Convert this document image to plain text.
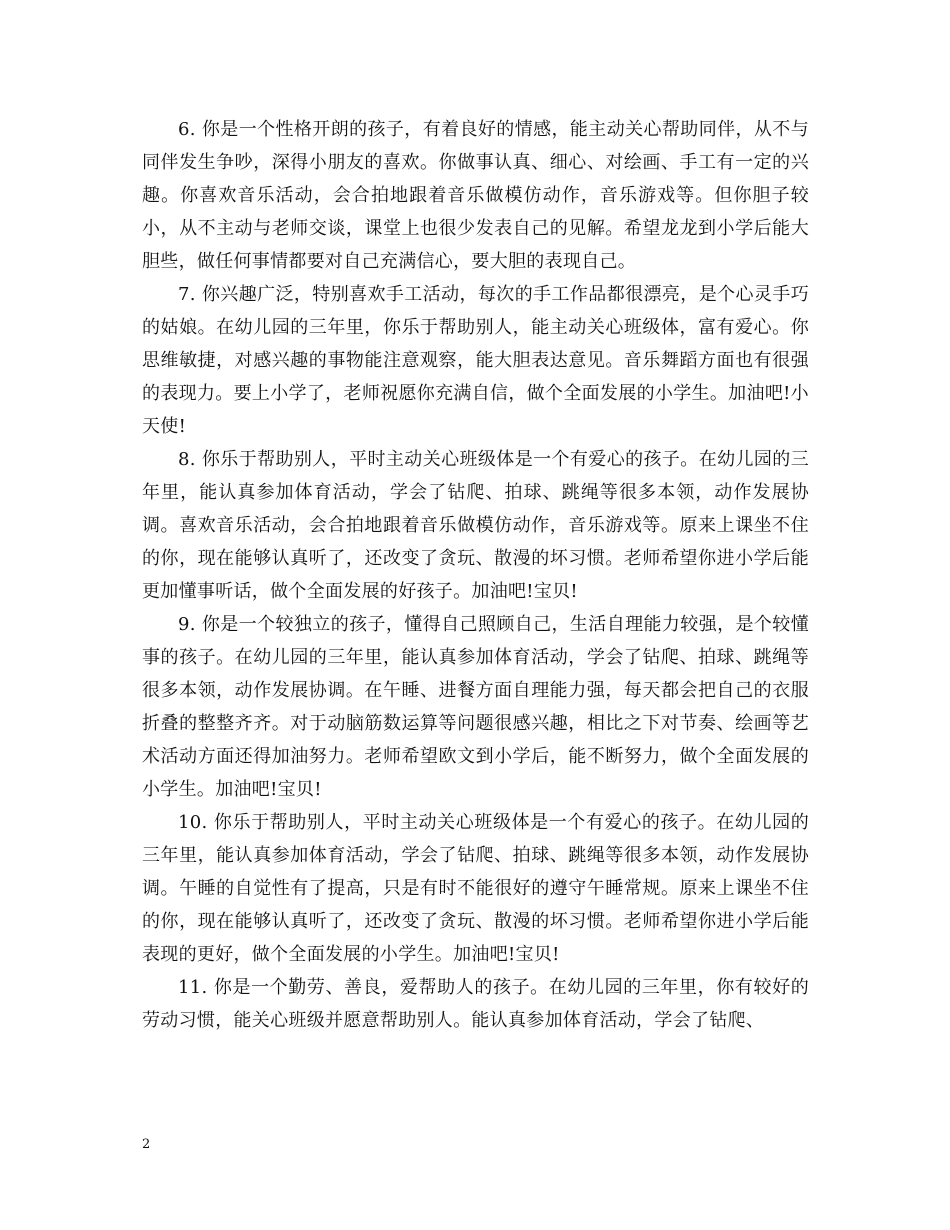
6. 你是一个性格开朗的孩子，有着良好的情感，能主动关心帮助同伴，从不与同伴发生争吵，深得小朋友的喜欢。你做事认真、细心、对绘画、手工有一定的兴趣。你喜欢音乐活动，会合拍地跟着音乐做模仿动作，音乐游戏等。但你胆子较小，从不主动与老师交谈，课堂上也很少发表自己的见解。希望龙龙到小学后能大胆些，做任何事情都要对自己充满信心，要大胆的表现自己。

7. 你兴趣广泛，特别喜欢手工活动，每次的手工作品都很漂亮，是个心灵手巧的姑娘。在幼儿园的三年里，你乐于帮助别人，能主动关心班级体，富有爱心。你思维敏捷，对感兴趣的事物能注意观察，能大胆表达意见。音乐舞蹈方面也有很强的表现力。要上小学了，老师祝愿你充满自信，做个全面发展的小学生。加油吧!小天使!

8. 你乐于帮助别人，平时主动关心班级体是一个有爱心的孩子。在幼儿园的三年里，能认真参加体育活动，学会了钻爬、拍球、跳绳等很多本领，动作发展协调。喜欢音乐活动，会合拍地跟着音乐做模仿动作，音乐游戏等。原来上课坐不住的你，现在能够认真听了，还改变了贪玩、散漫的坏习惯。老师希望你进小学后能更加懂事听话，做个全面发展的好孩子。加油吧!宝贝!

9. 你是一个较独立的孩子，懂得自己照顾自己，生活自理能力较强，是个较懂事的孩子。在幼儿园的三年里，能认真参加体育活动，学会了钻爬、拍球、跳绳等很多本领，动作发展协调。在午睡、进餐方面自理能力强，每天都会把自己的衣服折叠的整整齐齐。对于动脑筋数运算等问题很感兴趣，相比之下对节奏、绘画等艺术活动方面还得加油努力。老师希望欧文到小学后，能不断努力，做个全面发展的小学生。加油吧!宝贝!

10. 你乐于帮助别人，平时主动关心班级体是一个有爱心的孩子。在幼儿园的三年里，能认真参加体育活动，学会了钻爬、拍球、跳绳等很多本领，动作发展协调。午睡的自觉性有了提高，只是有时不能很好的遵守午睡常规。原来上课坐不住的你，现在能够认真听了，还改变了贪玩、散漫的坏习惯。老师希望你进小学后能表现的更好，做个全面发展的小学生。加油吧!宝贝!

11. 你是一个勤劳、善良，爱帮助人的孩子。在幼儿园的三年里，你有较好的劳动习惯，能关心班级并愿意帮助别人。能认真参加体育活动，学会了钻爬、

2
